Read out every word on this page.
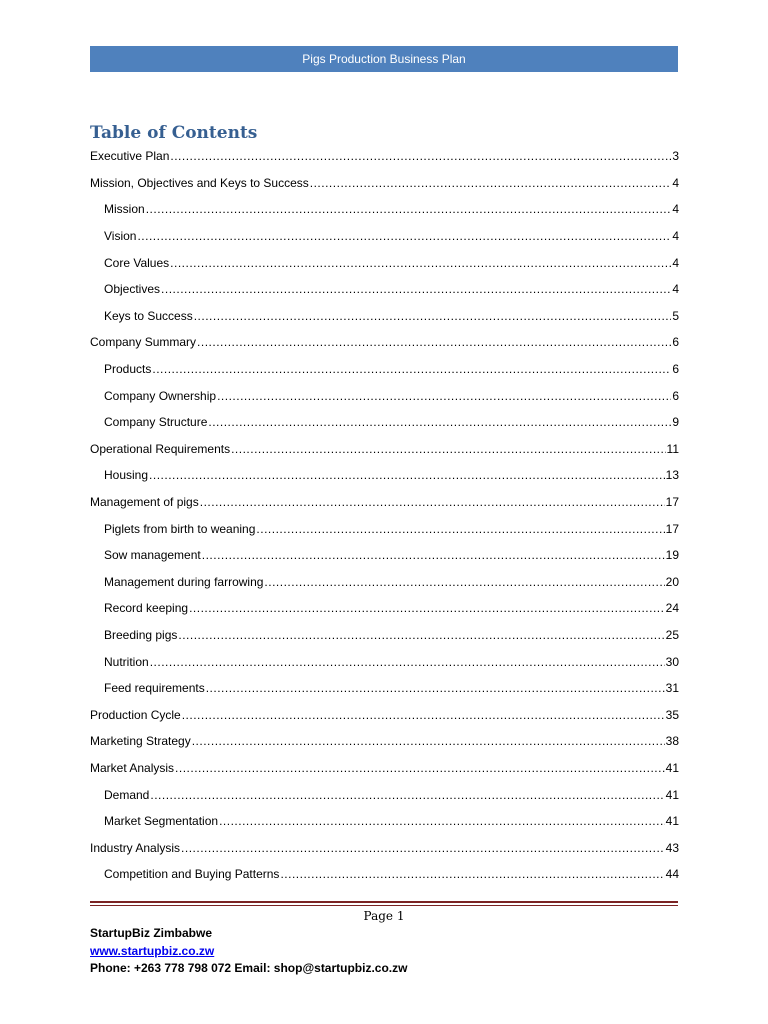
Pigs Production Business Plan
Table of Contents
Executive Plan .....	3
Mission, Objectives and Keys to Success .....	4
Mission .....	4
Vision .....	4
Core Values .....	4
Objectives .....	4
Keys to Success .....	5
Company Summary .....	6
Products .....	6
Company Ownership .....	6
Company Structure .....	9
Operational Requirements .....	11
Housing .....	13
Management of pigs .....	17
Piglets from birth to weaning .....	17
Sow management .....	19
Management during farrowing .....	20
Record keeping .....	24
Breeding pigs .....	25
Nutrition .....	30
Feed requirements .....	31
Production Cycle .....	35
Marketing Strategy .....	38
Market Analysis .....	41
Demand .....	41
Market Segmentation .....	41
Industry Analysis .....	43
Competition and Buying Patterns .....	44
Page 1
StartupBiz Zimbabwe
www.startupbiz.co.zw
Phone: +263 778 798 072 Email: shop@startupbiz.co.zw
